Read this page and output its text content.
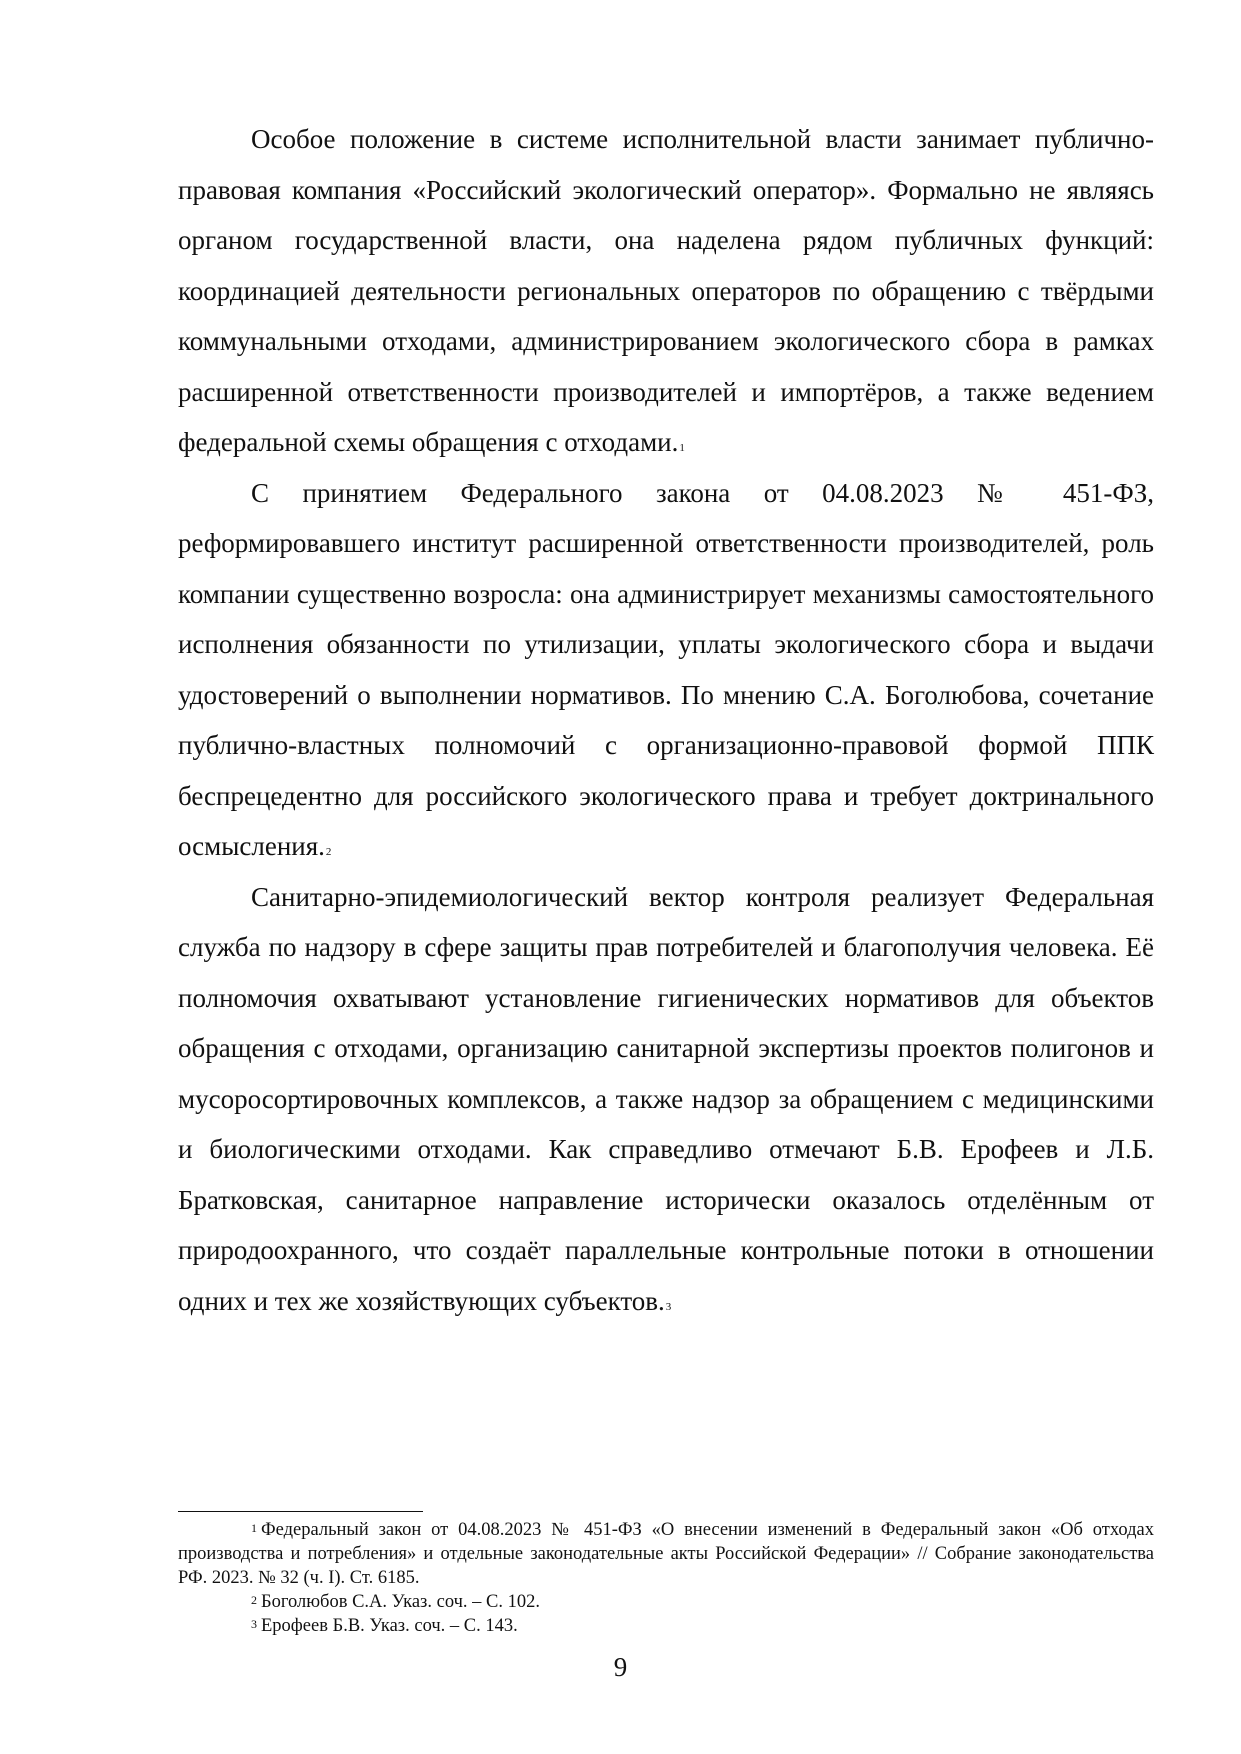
Особое положение в системе исполнительной власти занимает публично-правовая компания «Российский экологический оператор». Формально не являясь органом государственной власти, она наделена рядом публичных функций: координацией деятельности региональных операторов по обращению с твёрдыми коммунальными отходами, администрированием экологического сбора в рамках расширенной ответственности производителей и импортёров, а также ведением федеральной схемы обращения с отходами.$^1$

С принятием Федерального закона от 04.08.2023 № 451-ФЗ, реформировавшего институт расширенной ответственности производителей, роль компании существенно возросла: она администрирует механизмы самостоятельного исполнения обязанности по утилизации, уплаты экологического сбора и выдачи удостоверений о выполнении нормативов. По мнению С.А. Боголюбова, сочетание публично-властных полномочий с организационно-правовой формой ППК беспрецедентно для российского экологического права и требует доктринального осмысления.$^2$

Санитарно-эпидемиологический вектор контроля реализует Федеральная служба по надзору в сфере защиты прав потребителей и благополучия человека. Её полномочия охватывают установление гигиенических нормативов для объектов обращения с отходами, организацию санитарной экспертизы проектов полигонов и мусоросортировочных комплексов, а также надзор за обращением с медицинскими и биологическими отходами. Как справедливо отмечают Б.В. Ерофеев и Л.Б. Братковская, санитарное направление исторически оказалось отделённым от природоохранного, что создаёт параллельные контрольные потоки в отношении одних и тех же хозяйствующих субъектов.$^3$

$^1$ Федеральный закон от 04.08.2023 № 451-ФЗ «О внесении изменений в Федеральный закон «Об отходах производства и потребления» и отдельные законодательные акты Российской Федерации» // Собрание законодательства РФ. 2023. № 32 (ч. I). Ст. 6185.

$^2$ Боголюбов С.А. Указ. соч. – С. 102.

$^3$ Ерофеев Б.В. Указ. соч. – С. 143.

9
